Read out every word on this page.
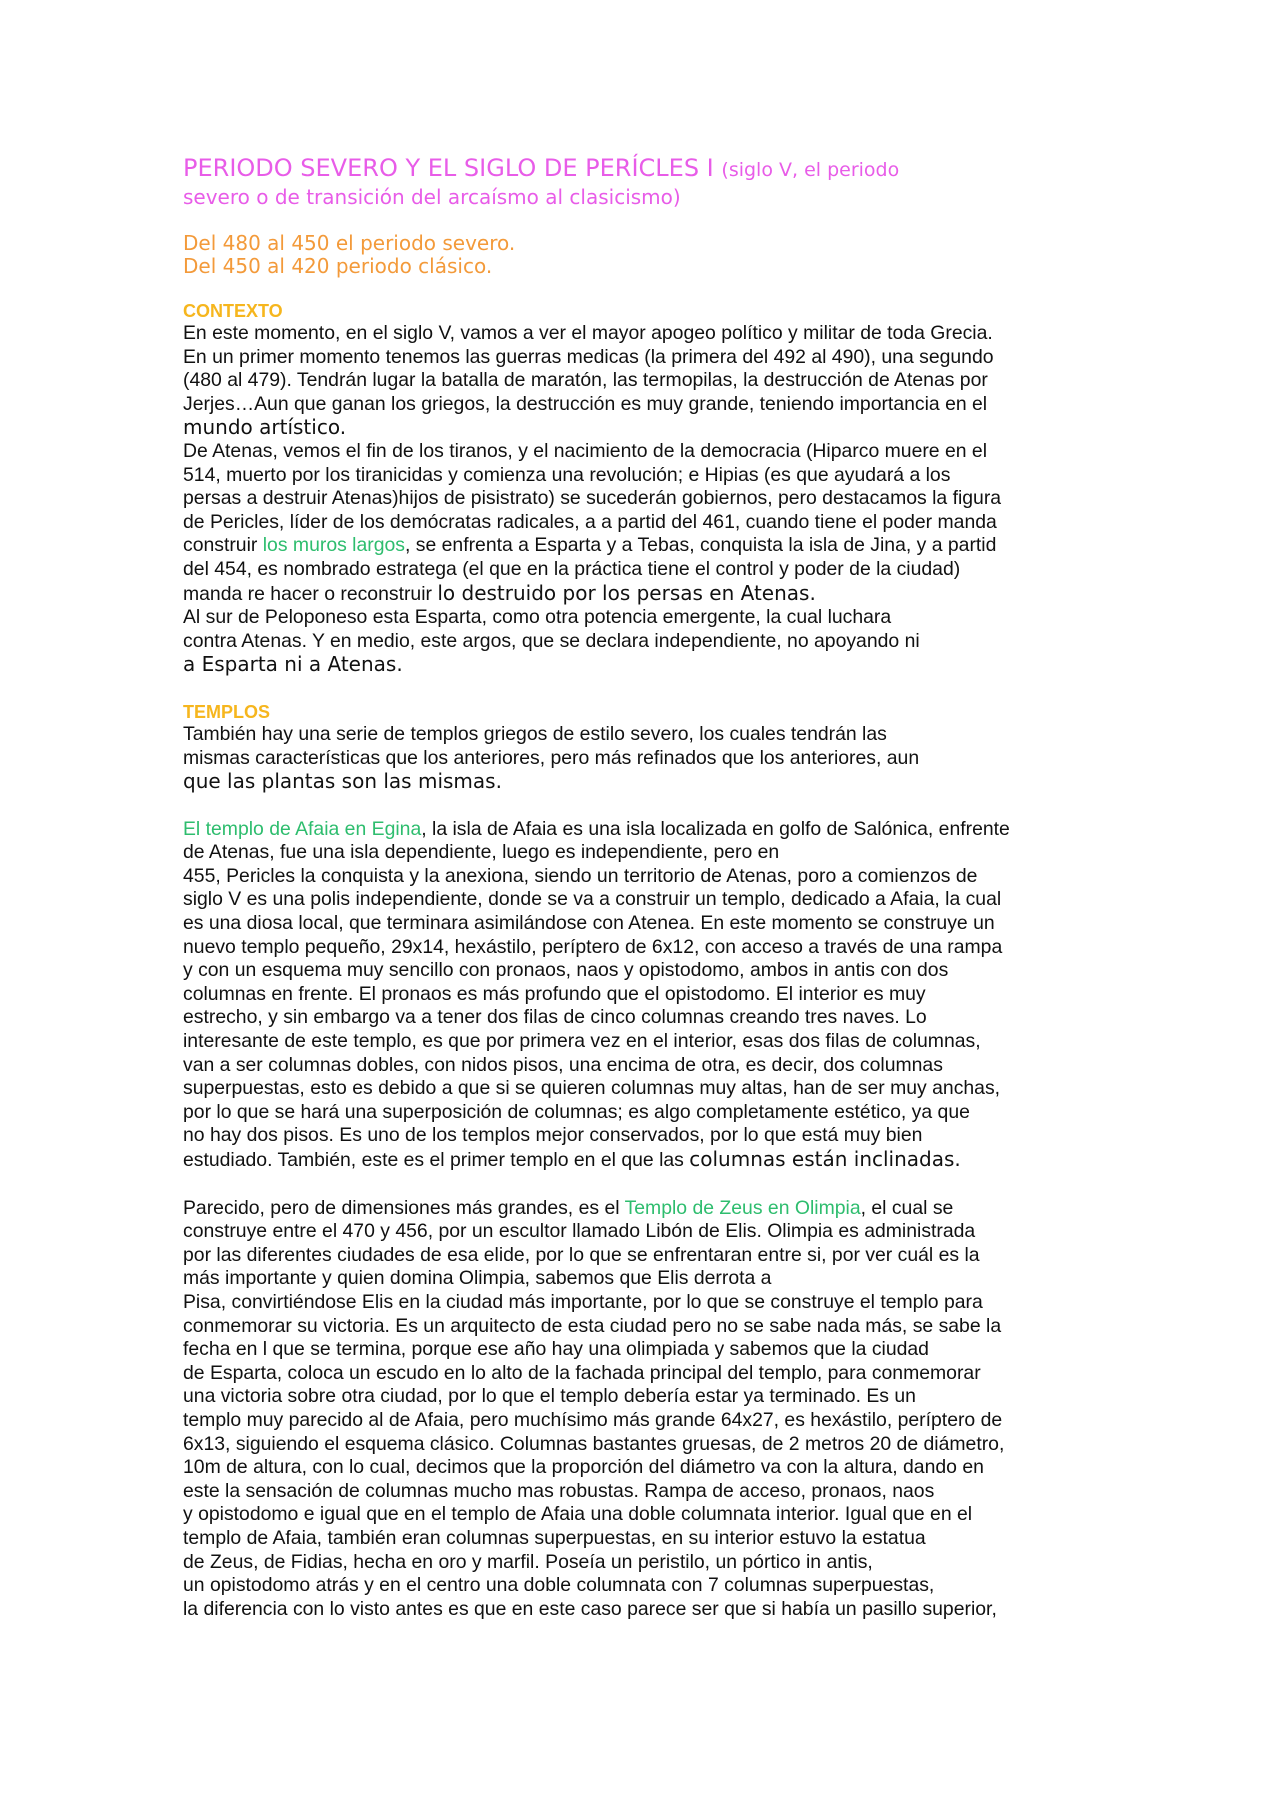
PERIODO SEVERO Y EL SIGLO DE PERÍCLES I (siglo V, el periodo
severo o de transición del arcaísmo al clasicismo)
Del 480 al 450 el periodo severo.
Del 450 al 420 periodo clásico.
CONTEXTO
En este momento, en el siglo V, vamos a ver el mayor apogeo político y militar de toda Grecia.
En un primer momento tenemos las guerras medicas (la primera del 492 al 490), una segundo
(480 al 479). Tendrán lugar la batalla de maratón, las termopilas, la destrucción de Atenas por
Jerjes…Aun que ganan los griegos, la destrucción es muy grande, teniendo importancia en el
mundo artístico.
De Atenas, vemos el fin de los tiranos, y el nacimiento de la democracia (Hiparco muere en el
514, muerto por los tiranicidas y comienza una revolución; e Hipias (es que ayudará a los
persas a destruir Atenas)hijos de pisistrato) se sucederán gobiernos, pero destacamos la figura
de Pericles, líder de los demócratas radicales, a a partid del 461, cuando tiene el poder manda
construir los muros largos, se enfrenta a Esparta y a Tebas, conquista la isla de Jina, y a partid
del 454, es nombrado estratega (el que en la práctica tiene el control y poder de la ciudad)
manda re hacer o reconstruir lo destruido por los persas en Atenas.
Al sur de Peloponeso esta Esparta, como otra potencia emergente, la cual luchara
contra Atenas. Y en medio, este argos, que se declara independiente, no apoyando ni
a Esparta ni a Atenas.
TEMPLOS
También hay una serie de templos griegos de estilo severo, los cuales tendrán las
mismas características que los anteriores, pero más refinados que los anteriores, aun
que las plantas son las mismas.
El templo de Afaia en Egina, la isla de Afaia es una isla localizada en golfo de Salónica, enfrente
de Atenas, fue una isla dependiente, luego es independiente, pero en
455, Pericles la conquista y la anexiona, siendo un territorio de Atenas, poro a comienzos de
siglo V es una polis independiente, donde se va a construir un templo, dedicado a Afaia, la cual
es una diosa local, que terminara asimilándose con Atenea. En este momento se construye un
nuevo templo pequeño, 29x14, hexástilo, períptero de 6x12, con acceso a través de una rampa
y con un esquema muy sencillo con pronaos, naos y opistodomo, ambos in antis con dos
columnas en frente. El pronaos es más profundo que el opistodomo. El interior es muy
estrecho, y sin embargo va a tener dos filas de cinco columnas creando tres naves. Lo
interesante de este templo, es que por primera vez en el interior, esas dos filas de columnas,
van a ser columnas dobles, con nidos pisos, una encima de otra, es decir, dos columnas
superpuestas, esto es debido a que si se quieren columnas muy altas, han de ser muy anchas,
por lo que se hará una superposición de columnas; es algo completamente estético, ya que
no hay dos pisos. Es uno de los templos mejor conservados, por lo que está muy bien
estudiado. También, este es el primer templo en el que las columnas están inclinadas.
Parecido, pero de dimensiones más grandes, es el Templo de Zeus en Olimpia, el cual se
construye entre el 470 y 456, por un escultor llamado Libón de Elis. Olimpia es administrada
por las diferentes ciudades de esa elide, por lo que se enfrentaran entre si, por ver cuál es la
más importante y quien domina Olimpia, sabemos que Elis derrota a
Pisa, convirtiéndose Elis en la ciudad más importante, por lo que se construye el templo para
conmemorar su victoria. Es un arquitecto de esta ciudad pero no se sabe nada más, se sabe la
fecha en l que se termina, porque ese año hay una olimpiada y sabemos que la ciudad
de Esparta, coloca un escudo en lo alto de la fachada principal del templo, para conmemorar
una victoria sobre otra ciudad, por lo que el templo debería estar ya terminado. Es un
templo muy parecido al de Afaia, pero muchísimo más grande 64x27, es hexástilo, períptero de
6x13, siguiendo el esquema clásico. Columnas bastantes gruesas, de 2 metros 20 de diámetro,
10m de altura, con lo cual, decimos que la proporción del diámetro va con la altura, dando en
este la sensación de columnas mucho mas robustas. Rampa de acceso, pronaos, naos
y opistodomo e igual que en el templo de Afaia una doble columnata interior. Igual que en el
templo de Afaia, también eran columnas superpuestas, en su interior estuvo la estatua
de Zeus, de Fidias, hecha en oro y marfil. Poseía un peristilo, un pórtico in antis,
un opistodomo atrás y en el centro una doble columnata con 7 columnas superpuestas,
la diferencia con lo visto antes es que en este caso parece ser que si había un pasillo superior,
